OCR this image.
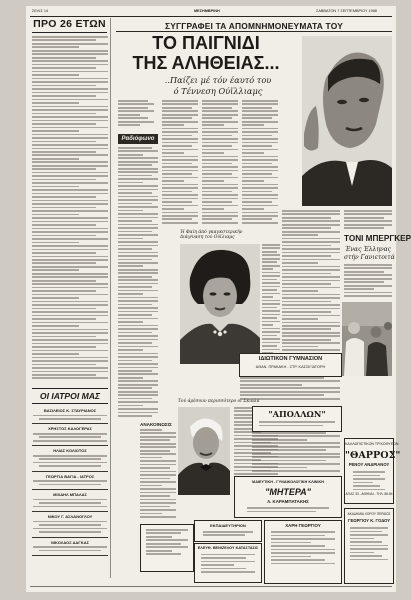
ΣΕΛΙΣ 14	ΜΕΣΗΜΒΡΙΝΗ	ΣΑΒΒΑΤΟΝ 7 ΣΕΠΤΕΜΒΡΙΟΥ 1968
ΠΡΟ 26 ΕΤΩΝ
ΟΙ ΙΑΤΡΟΙ ΜΑΣ
ΒΑΣΙΛΕΙΟΣ Κ. ΣΤΑΥΡΙΑΝΟΣ
ΧΡΗΣΤΟΣ ΚΑΛΟΓΕΡΑΣ
ΗΛΙΑΣ ΚΟΛΙΟΤΟΣ
ΓΕΩΡΓΙΑ ΒΑΓΙΑ - ΙΑΤΡΟΣ
ΜΙΧΑΗΛ ΜΠΑΛΑΣ
ΝΙΚΟΥ Γ. ΑΣΛΑΝΟΓΛΟΥ
ΝΙΚΟΛΑΟΣ ΔΑΓΚΑΣ
ΣΥΓΓΡΑΦΕΙ ΤΑ ΑΠΟΜΝΗΜΟΝΕΥΜΑΤΑ ΤΟΥ
ΤΟ ΠΑΙΓΝΙΔΙ
ΤΗΣ ΑΛΗΘΕΙΑΣ...
..Παίζει μέ τόν έαυτό του
ό Τέννεση Ούϊλλιαμς
Ραδιόφωνο
Ή Φαίη άπό γκαγκστερικήν
Διάγ/ναση τού Ούϊλιαμς
Τού άρέσουν περισσότερο οί Σκιαλκ
ΑΝΑΚΟΙΝΩΣΙΣ
ΤΟΝΙ ΜΠΕΡΓΚΕΡ
Ένας Έλληνας
στήν Γανιετοιτά
ΙΔΙΩΤΙΚΟΝ ΓΥΜΝΑΣΙΟΝ
ΑΘΑΝ. ΠΡΑΚΑΚΗ - ΣΤΡ. ΚΑΣΣΙΓΙΑΤΟΡΗ
"ΑΠΟΛΛΩΝ"
ΚΑΛΛΩΠΙΣΤΙΚΟΝ ΤΡΙΧΟΦΥΕΩΝ
"ΘΑΡΡΟΣ"
ΡΕΝΟΥ ΑΝΔΡΙΑΝΟΥ
ΑΓΙΑΣ 33 - ΑΘΗΝΑΙ - ΤΗΛ. 86.84
ΜΑΙΕΥΤΙΚΗ - ΓΥΝΑΙΚΟΛΟΓΙΚΗ ΚΛΙΝΙΚΗ
"ΜΗΤΕΡΑ"
Λ. ΚΑΡΑΜΠΑΤΑΚΗΣ
ΕΚΠΑΙΔΕΥΤΗΡΙΟΝ
ΕΛΕΥΘ. ΒΕΝΙΖΕΛΟΥ ΚΑΤΑΣΤΑΣΙΣ
ΧΑΡΗ ΓΕΩΡΓΙΟΥ
ΑΚΑΔΗΜΙΑ ΧΟΡΟΥ ΠΕΡΑΙΩΣ
ΓΕΩΡΓΙΟΥ Κ. ΓΟΔΟΥ
